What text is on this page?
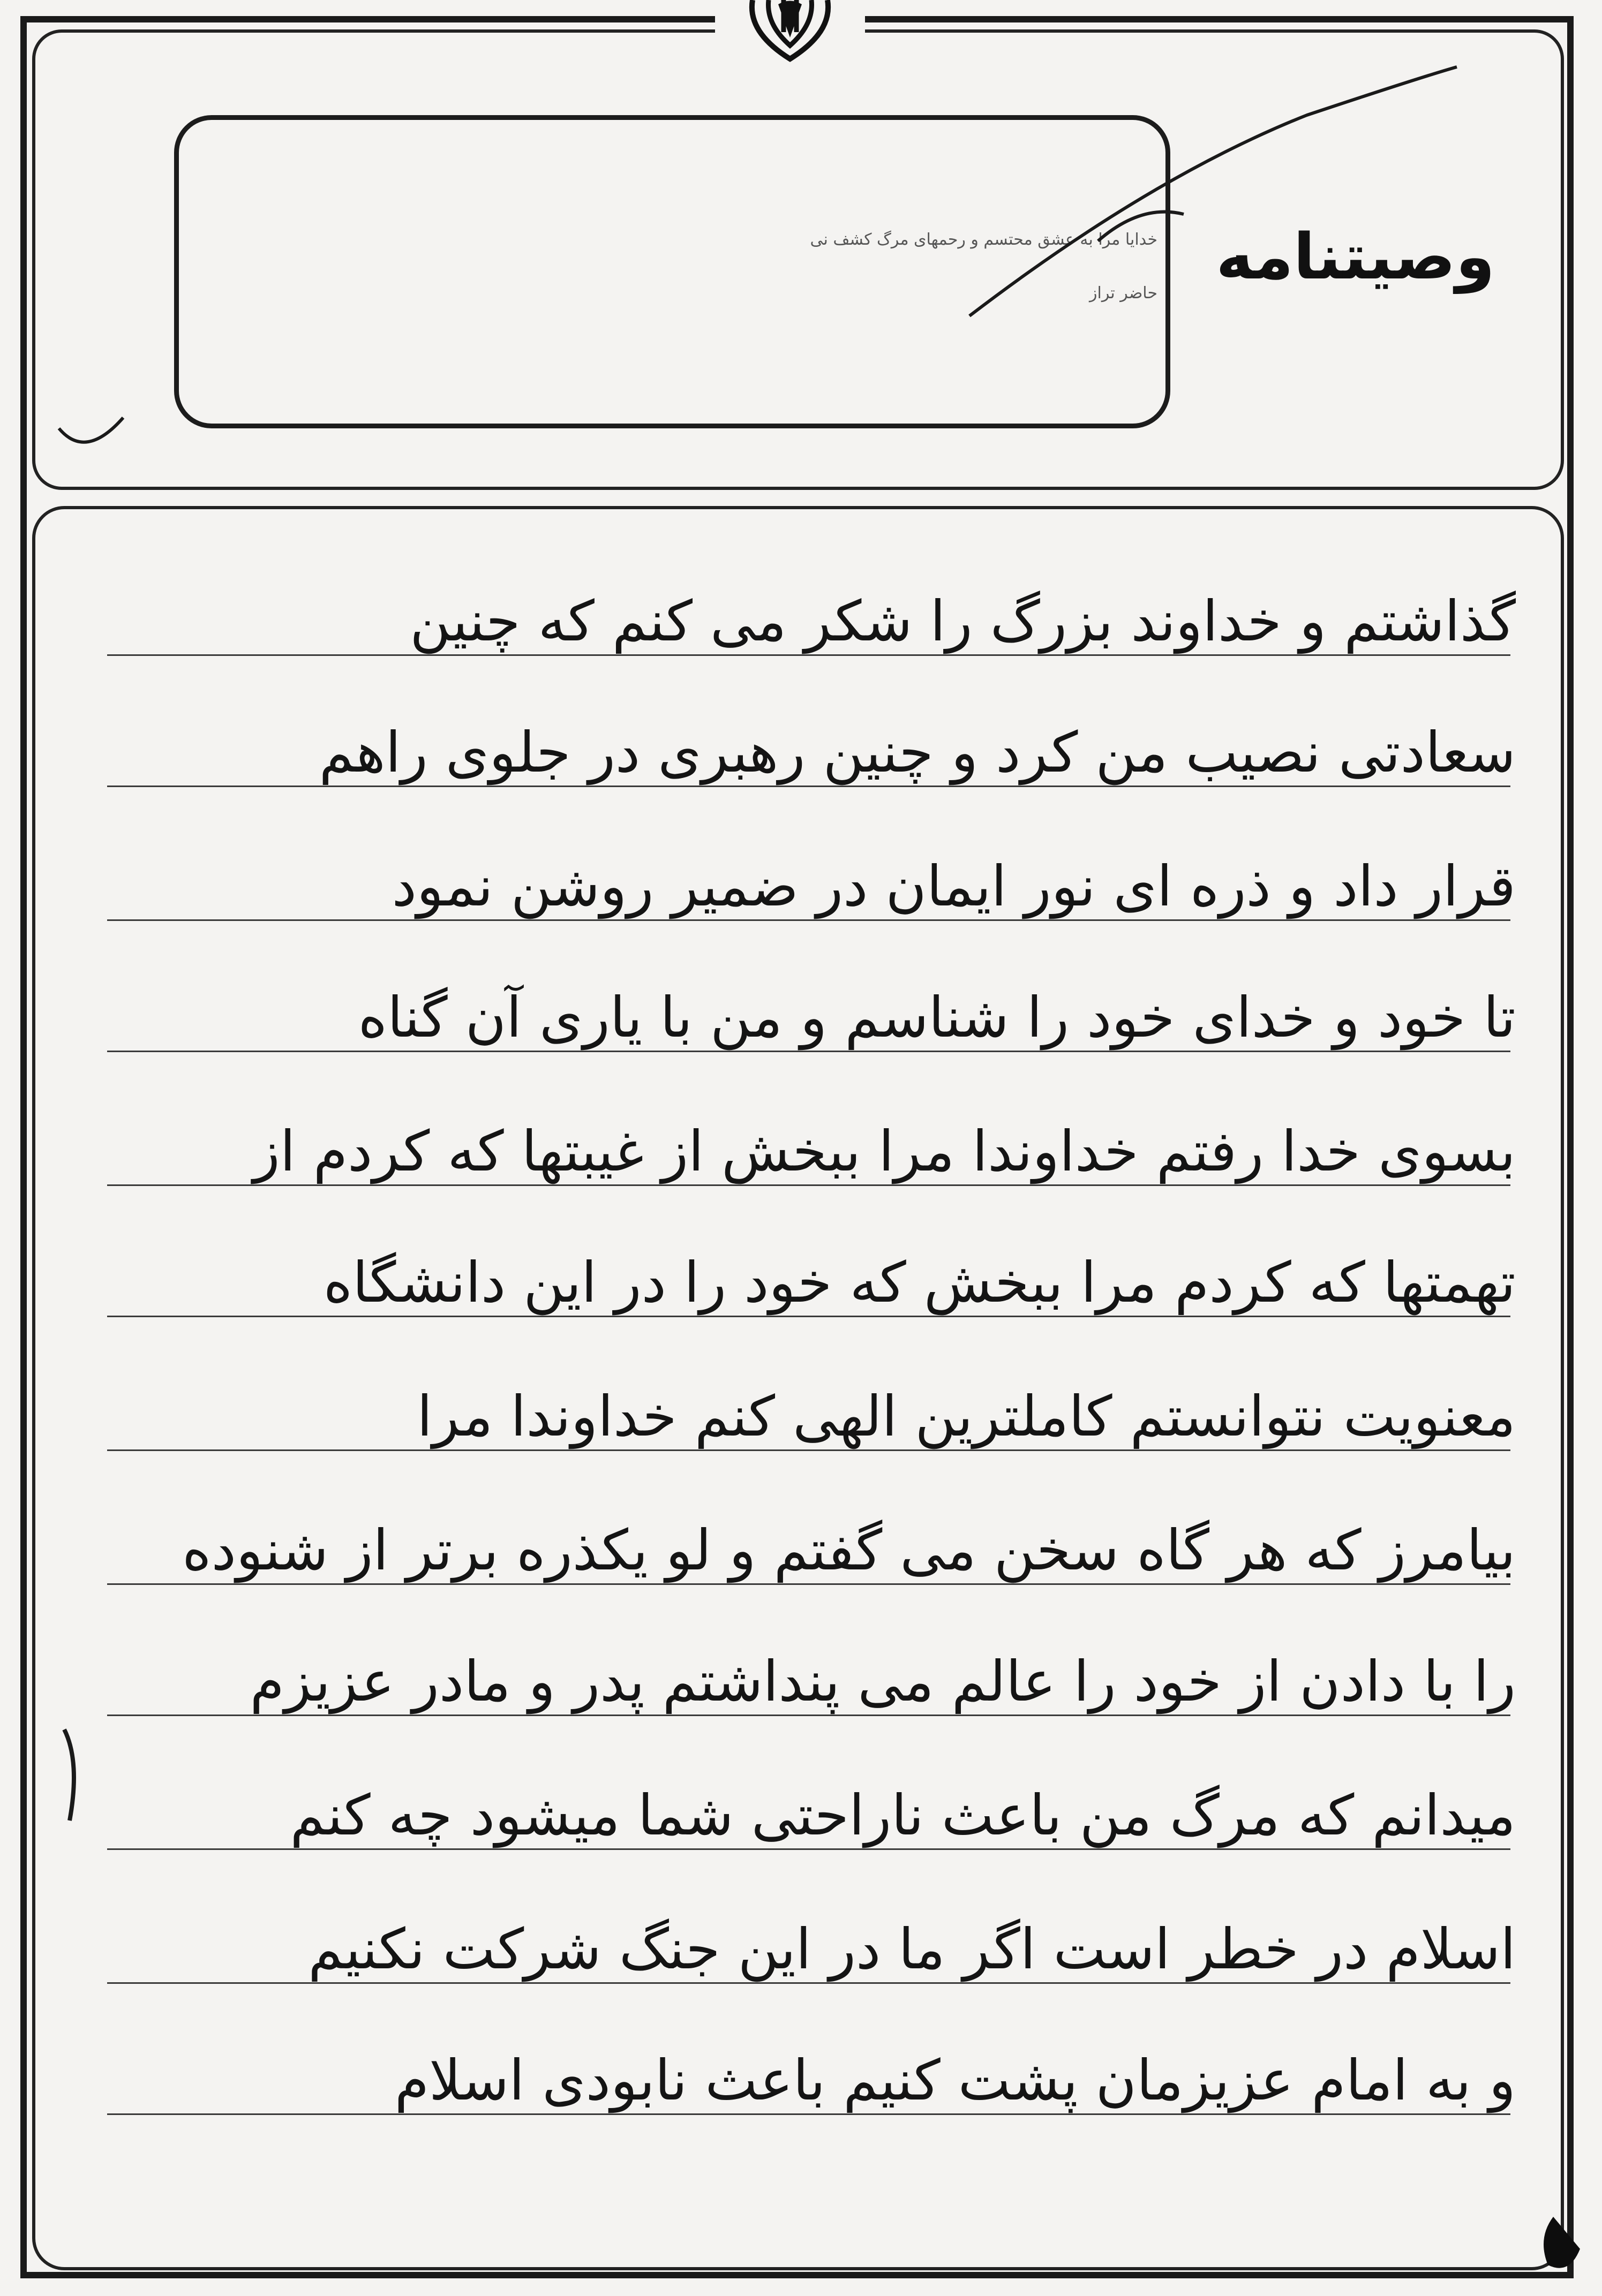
خدایا مرا به عشق محتسم و رحمهای مرگ کشف نی
حاضر تراز وصیتنامه
گذاشتم و خداوند بزرگ را شکر می کنم که چنین
سعادتی نصیب من کرد و چنین رهبری در جلوی راهم
قرار داد و ذره ای نور ایمان در ضمیر روشن نمود
تا خود و خدای خود را شناسم و من با یاری آن گناه
بسوی خدا رفتم خداوندا مرا ببخش از غیبتها که کردم از
تهمتها که کردم مرا ببخش که خود را در این دانشگاه
معنویت نتوانستم کاملترین الهی کنم خداوندا مرا
بیامرز که هر گاه سخن می گفتم و لو یکذره برتر از شنوده
را با دادن از خود را عالم می پنداشتم پدر و مادر عزیزم
میدانم که مرگ من باعث ناراحتی شما میشود چه کنم
اسلام در خطر است اگر ما در این جنگ شرکت نکنیم
و به امام عزیزمان پشت کنیم باعث نابودی اسلام
